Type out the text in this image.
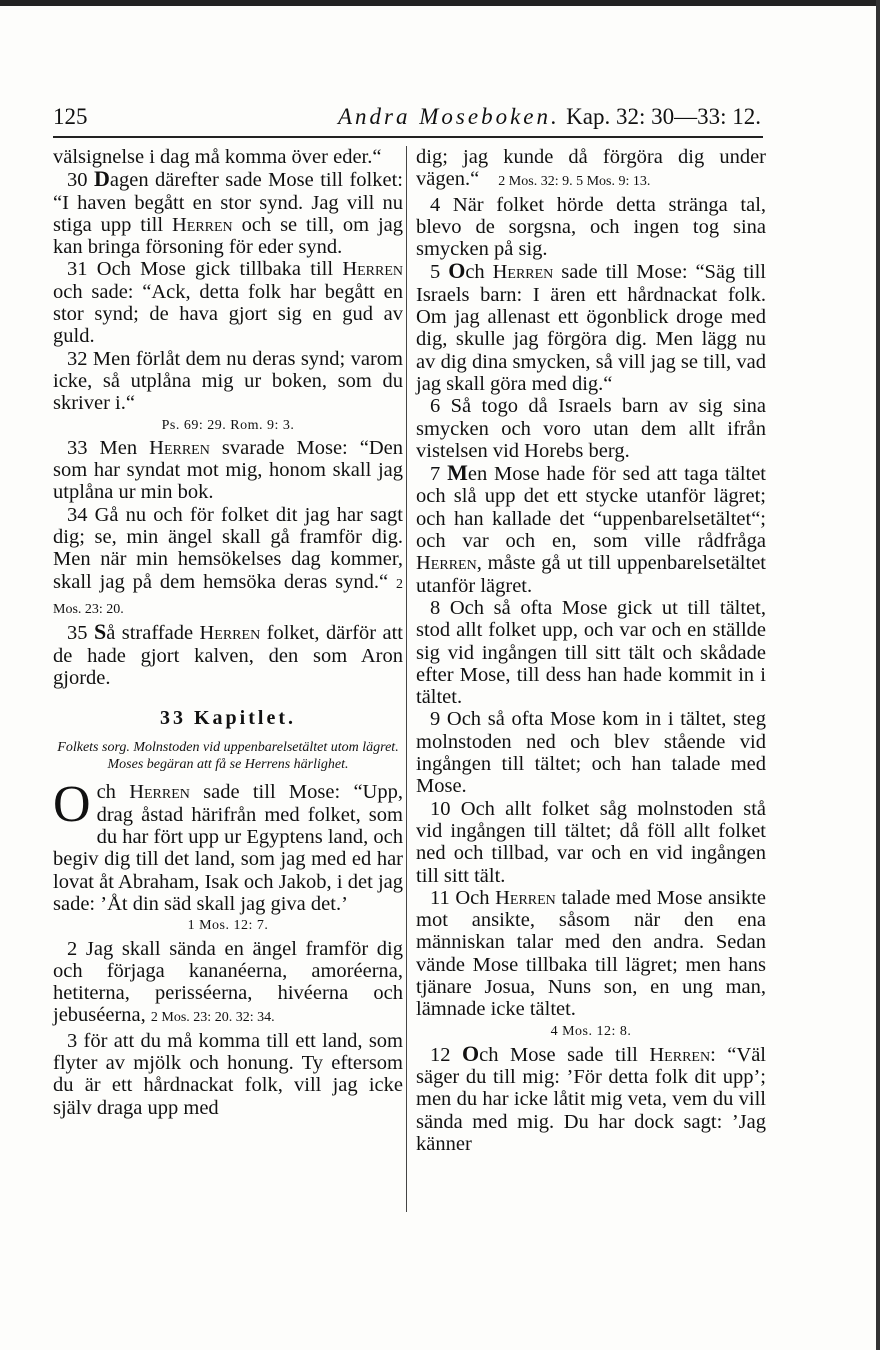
125	Andra Moseboken. Kap. 32: 30—33: 12.

välsignelse i dag må komma över eder.“

30 Dagen därefter sade Mose till folket: “I haven begått en stor synd. Jag vill nu stiga upp till Herren och se till, om jag kan bringa försoning för eder synd.

31 Och Mose gick tillbaka till Herren och sade: “Ack, detta folk har begått en stor synd; de hava gjort sig en gud av guld.

32 Men förlåt dem nu deras synd; varom icke, så utplåna mig ur boken, som du skriver i.“

Ps. 69: 29. Rom. 9: 3.

33 Men Herren svarade Mose: “Den som har syndat mot mig, honom skall jag utplåna ur min bok.

34 Gå nu och för folket dit jag har sagt dig; se, min ängel skall gå framför dig. Men när min hemsökelses dag kommer, skall jag på dem hemsöka deras synd.“ 2 Mos. 23: 20.

35 Så straffade Herren folket, därför att de hade gjort kalven, den som Aron gjorde.

33 Kapitlet.

Folkets sorg. Molnstoden vid uppenbarelsetältet utom lägret. Moses begäran att få se Herrens härlighet.

Och Herren sade till Mose: “Upp, drag åstad härifrån med folket, som du har fört upp ur Egyptens land, och begiv dig till det land, som jag med ed har lovat åt Abraham, Isak och Jakob, i det jag sade: ’Åt din säd skall jag giva det.’

1 Mos. 12: 7.

2 Jag skall sända en ängel framför dig och förjaga kananéerna, amoréerna, hetiterna, perisséerna, hivéerna och jebuséerna, 2 Mos. 23: 20. 32: 34.

3 för att du må komma till ett land, som flyter av mjölk och honung. Ty eftersom du är ett hårdnackat folk, vill jag icke själv draga upp med

dig; jag kunde då förgöra dig under vägen.“ 2 Mos. 32: 9. 5 Mos. 9: 13.

4 När folket hörde detta stränga tal, blevo de sorgsna, och ingen tog sina smycken på sig.

5 Och Herren sade till Mose: “Säg till Israels barn: I ären ett hårdnackat folk. Om jag allenast ett ögonblick droge med dig, skulle jag förgöra dig. Men lägg nu av dig dina smycken, så vill jag se till, vad jag skall göra med dig.“

6 Så togo då Israels barn av sig sina smycken och voro utan dem allt ifrån vistelsen vid Horebs berg.

7 Men Mose hade för sed att taga tältet och slå upp det ett stycke utanför lägret; och han kallade det “uppenbarelsetältet“; och var och en, som ville rådfråga Herren, måste gå ut till uppenbarelsetältet utanför lägret.

8 Och så ofta Mose gick ut till tältet, stod allt folket upp, och var och en ställde sig vid ingången till sitt tält och skådade efter Mose, till dess han hade kommit in i tältet.

9 Och så ofta Mose kom in i tältet, steg molnstoden ned och blev stående vid ingången till tältet; och han talade med Mose.

10 Och allt folket såg molnstoden stå vid ingången till tältet; då föll allt folket ned och tillbad, var och en vid ingången till sitt tält.

11 Och Herren talade med Mose ansikte mot ansikte, såsom när den ena människan talar med den andra. Sedan vände Mose tillbaka till lägret; men hans tjänare Josua, Nuns son, en ung man, lämnade icke tältet.

4 Mos. 12: 8.

12 Och Mose sade till Herren: “Väl säger du till mig: ’För detta folk dit upp’; men du har icke låtit mig veta, vem du vill sända med mig. Du har dock sagt: ’Jag känner
